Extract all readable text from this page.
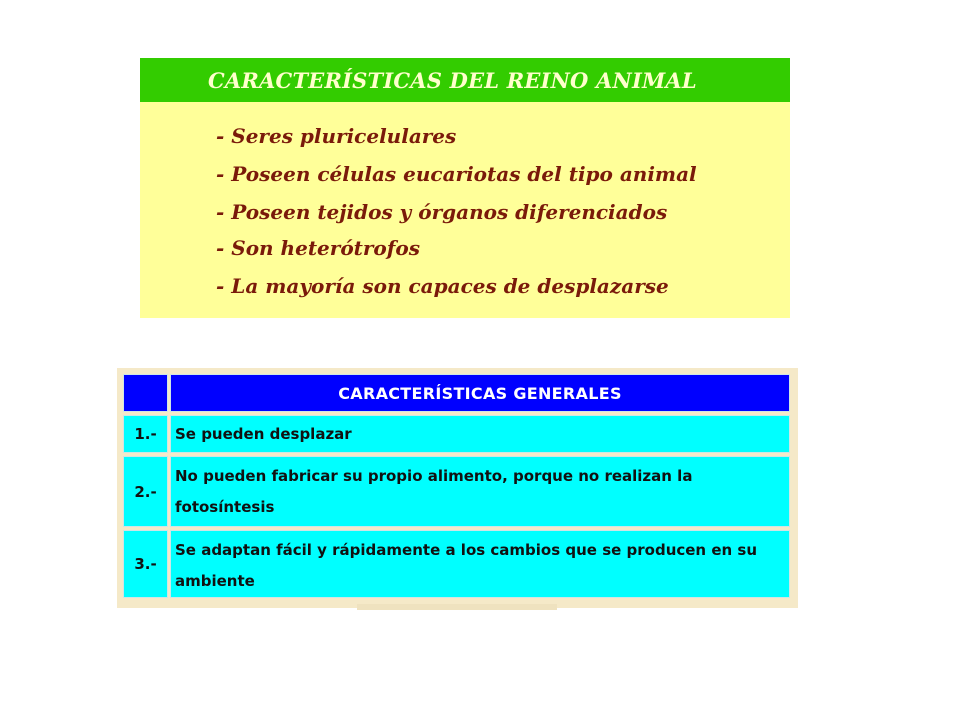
CARACTERÍSTICAS DEL REINO ANIMAL
- Seres pluricelulares
- Poseen células eucariotas del tipo animal
- Poseen tejidos y órganos diferenciados
- Son heterótrofos
- La mayoría son capaces de desplazarse
CARACTERÍSTICAS GENERALES
1.- Se pueden desplazar
2.-
No pueden fabricar su propio alimento, porque no realizan la fotosíntesis
3.-
Se adaptan fácil y rápidamente a los cambios que se producen en su ambiente
